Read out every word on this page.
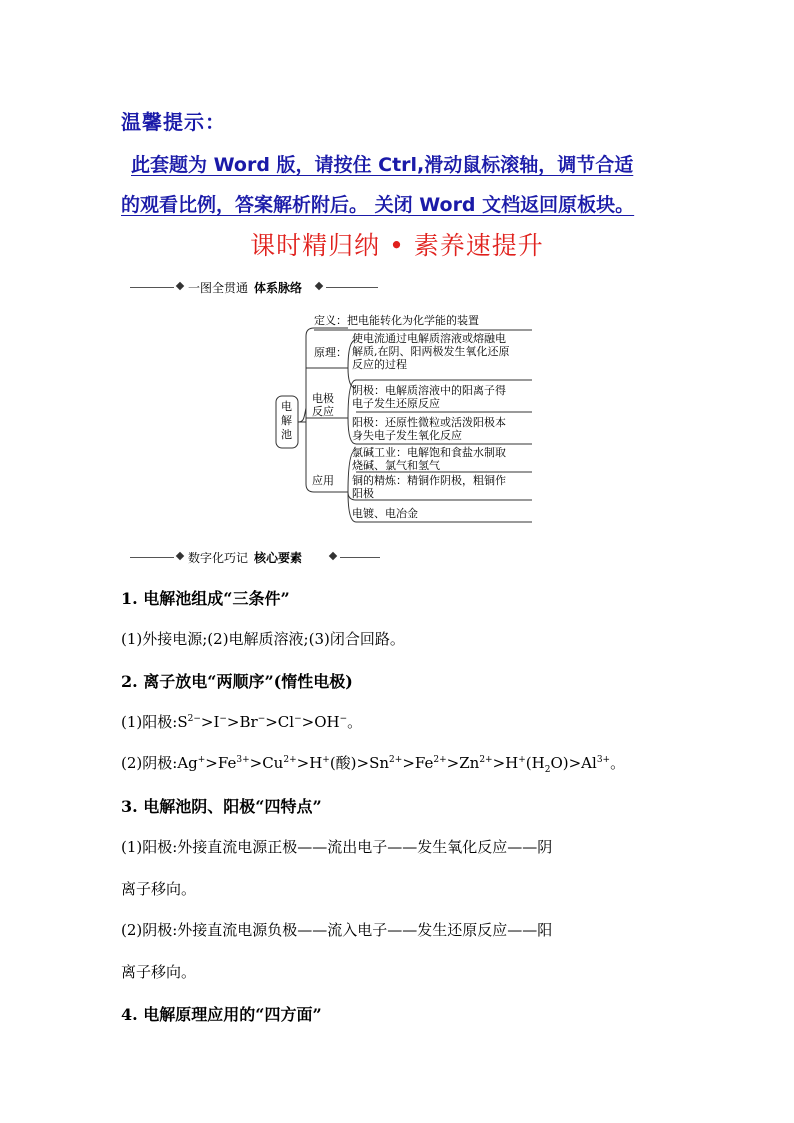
温馨提示：
此套题为 Word 版，请按住 Ctrl,滑动鼠标滚轴，调节合适
的观看比例，答案解析附后。 关闭 Word 文档返回原板块。
课时精归纳 • 素养速提升
一图全贯通 体系脉络
电
解
池
定义：把电能转化为化学能的装置
原理：
使电流通过电解质溶液或熔融电
解质,在阴、阳两极发生氧化还原
反应的过程
电极
反应
阴极：电解质溶液中的阳离子得
电子发生还原反应
阳极：还原性微粒或活泼阳极本
身失电子发生氧化反应
应用
氯碱工业：电解饱和食盐水制取
烧碱、氯气和氢气
铜的精炼：精铜作阴极，粗铜作
阳极
电镀、电冶金
数字化巧记 核心要素
1. 电解池组成“三条件”
(1)外接电源;(2)电解质溶液;(3)闭合回路。
2. 离子放电“两顺序”(惰性电极)
(1)阳极$:S^{2-}>I^->Br^->Cl^->OH^-$。
(2)阴极$:Ag^+>Fe^{3+}>Cu^{2+}>H^+$(酸)$>Sn^{2+}>Fe^{2+}>Zn^{2+}>H^+(H_2O)>Al^{3+}$。
3. 电解池阴、阳极“四特点”
(1)阳极:外接直流电源正极——流出电子——发生氧化反应——阴
离子移向。
(2)阴极:外接直流电源负极——流入电子——发生还原反应——阳
离子移向。
4. 电解原理应用的“四方面”
